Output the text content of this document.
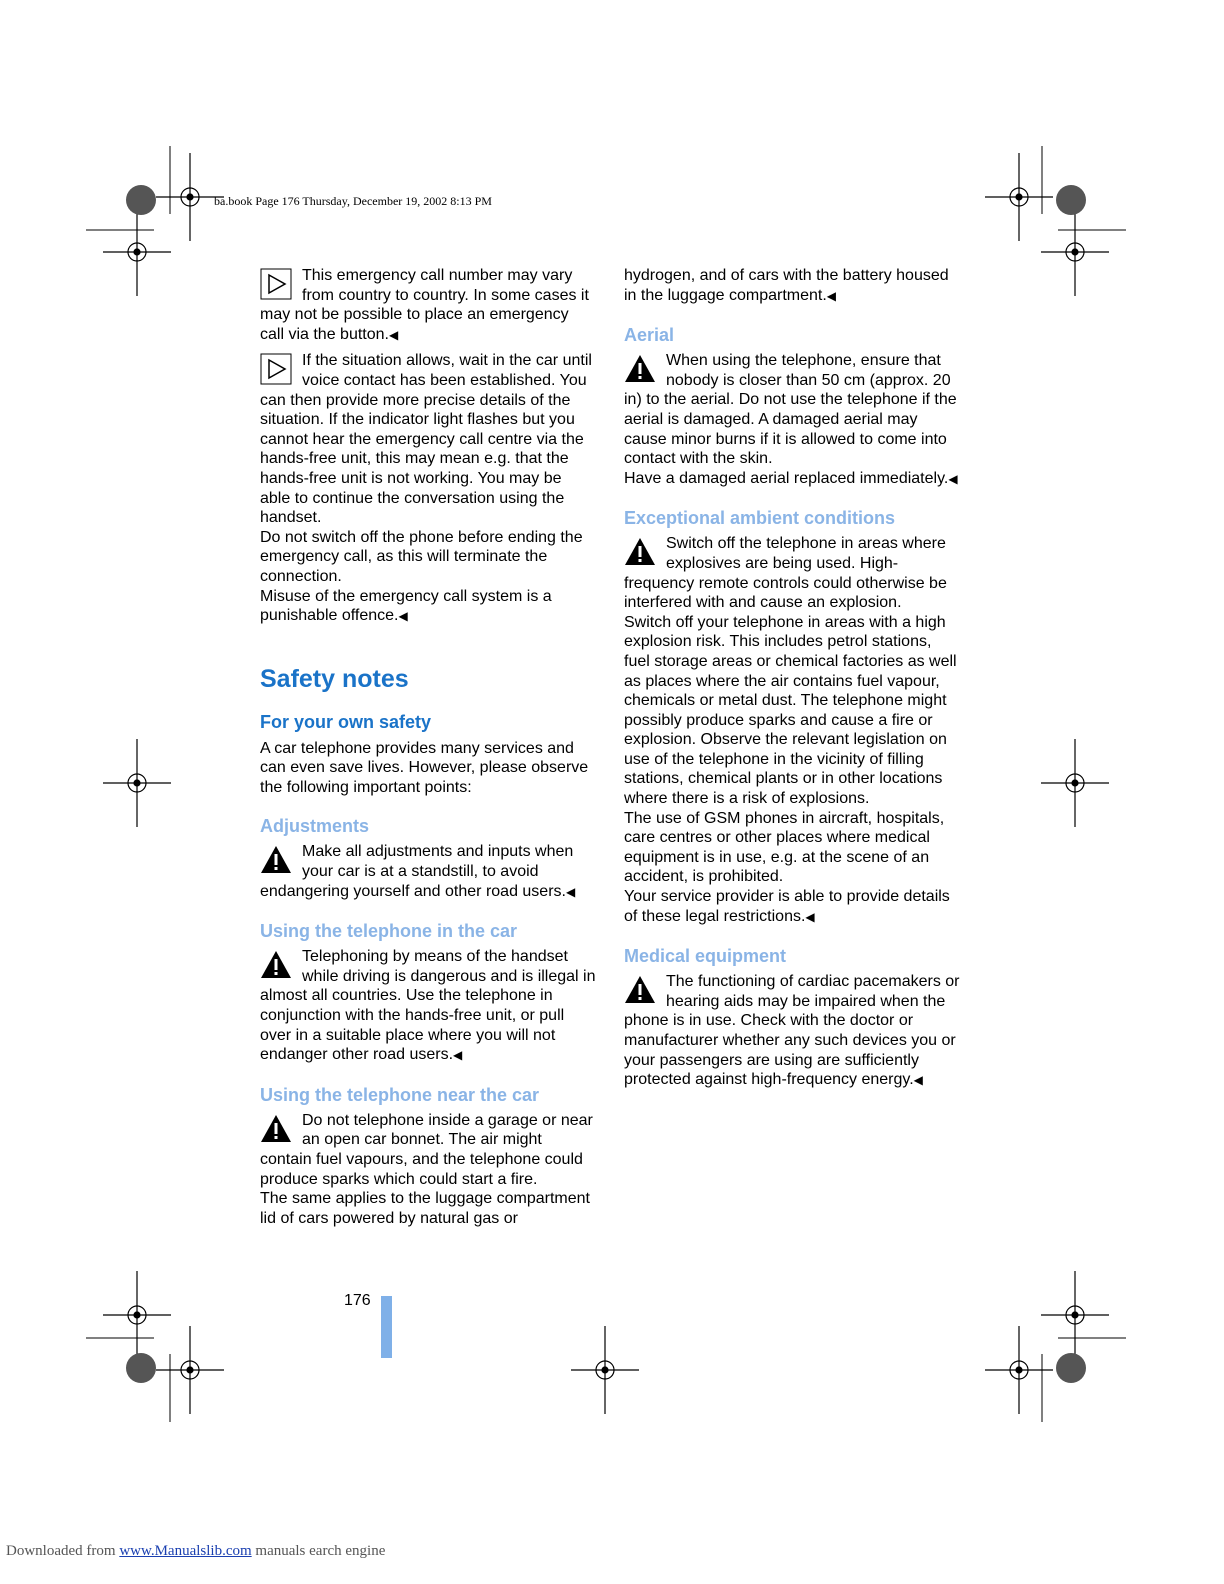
ba.book Page 176 Thursday, December 19, 2002 8:13 PM

This emergency call number may vary from country to country. In some cases it may not be possible to place an emergency call via the button.◀

If the situation allows, wait in the car until voice contact has been established. You can then provide more precise details of the situation. If the indicator light flashes but you cannot hear the emergency call centre via the hands-free unit, this may mean e.g. that the hands-free unit is not working. You may be able to continue the conversation using the handset.

Do not switch off the phone before ending the emergency call, as this will terminate the connection.

Misuse of the emergency call system is a punishable offence.◀

Safety notes
For your own safety

A car telephone provides many services and can even save lives. However, please observe the following important points:

Adjustments

Make all adjustments and inputs when your car is at a standstill, to avoid endangering yourself and other road users.◀

Using the telephone in the car

Telephoning by means of the handset while driving is dangerous and is illegal in almost all countries. Use the telephone in conjunction with the hands-free unit, or pull over in a suitable place where you will not endanger other road users.◀

Using the telephone near the car

Do not telephone inside a garage or near an open car bonnet. The air might contain fuel vapours, and the telephone could produce sparks which could start a fire.

The same applies to the luggage compartment lid of cars powered by natural gas or

hydrogen, and of cars with the battery housed in the luggage compartment.◀

Aerial

When using the telephone, ensure that nobody is closer than 50 cm (approx. 20 in) to the aerial. Do not use the telephone if the aerial is damaged. A damaged aerial may cause minor burns if it is allowed to come into contact with the skin.

Have a damaged aerial replaced immediately.◀

Exceptional ambient conditions

Switch off the telephone in areas where explosives are being used. High-frequency remote controls could otherwise be interfered with and cause an explosion.

Switch off your telephone in areas with a high explosion risk. This includes petrol stations, fuel storage areas or chemical factories as well as places where the air contains fuel vapour, chemicals or metal dust. The telephone might possibly produce sparks and cause a fire or explosion. Observe the relevant legislation on use of the telephone in the vicinity of filling stations, chemical plants or in other locations where there is a risk of explosions.

The use of GSM phones in aircraft, hospitals, care centres or other places where medical equipment is in use, e.g. at the scene of an accident, is prohibited.

Your service provider is able to provide details of these legal restrictions.◀

Medical equipment

The functioning of cardiac pacemakers or hearing aids may be impaired when the phone is in use. Check with the doctor or manufacturer whether any such devices you or your passengers are using are sufficiently protected against high-frequency energy.◀

176
Downloaded from www.Manualslib.com manuals earch engine
